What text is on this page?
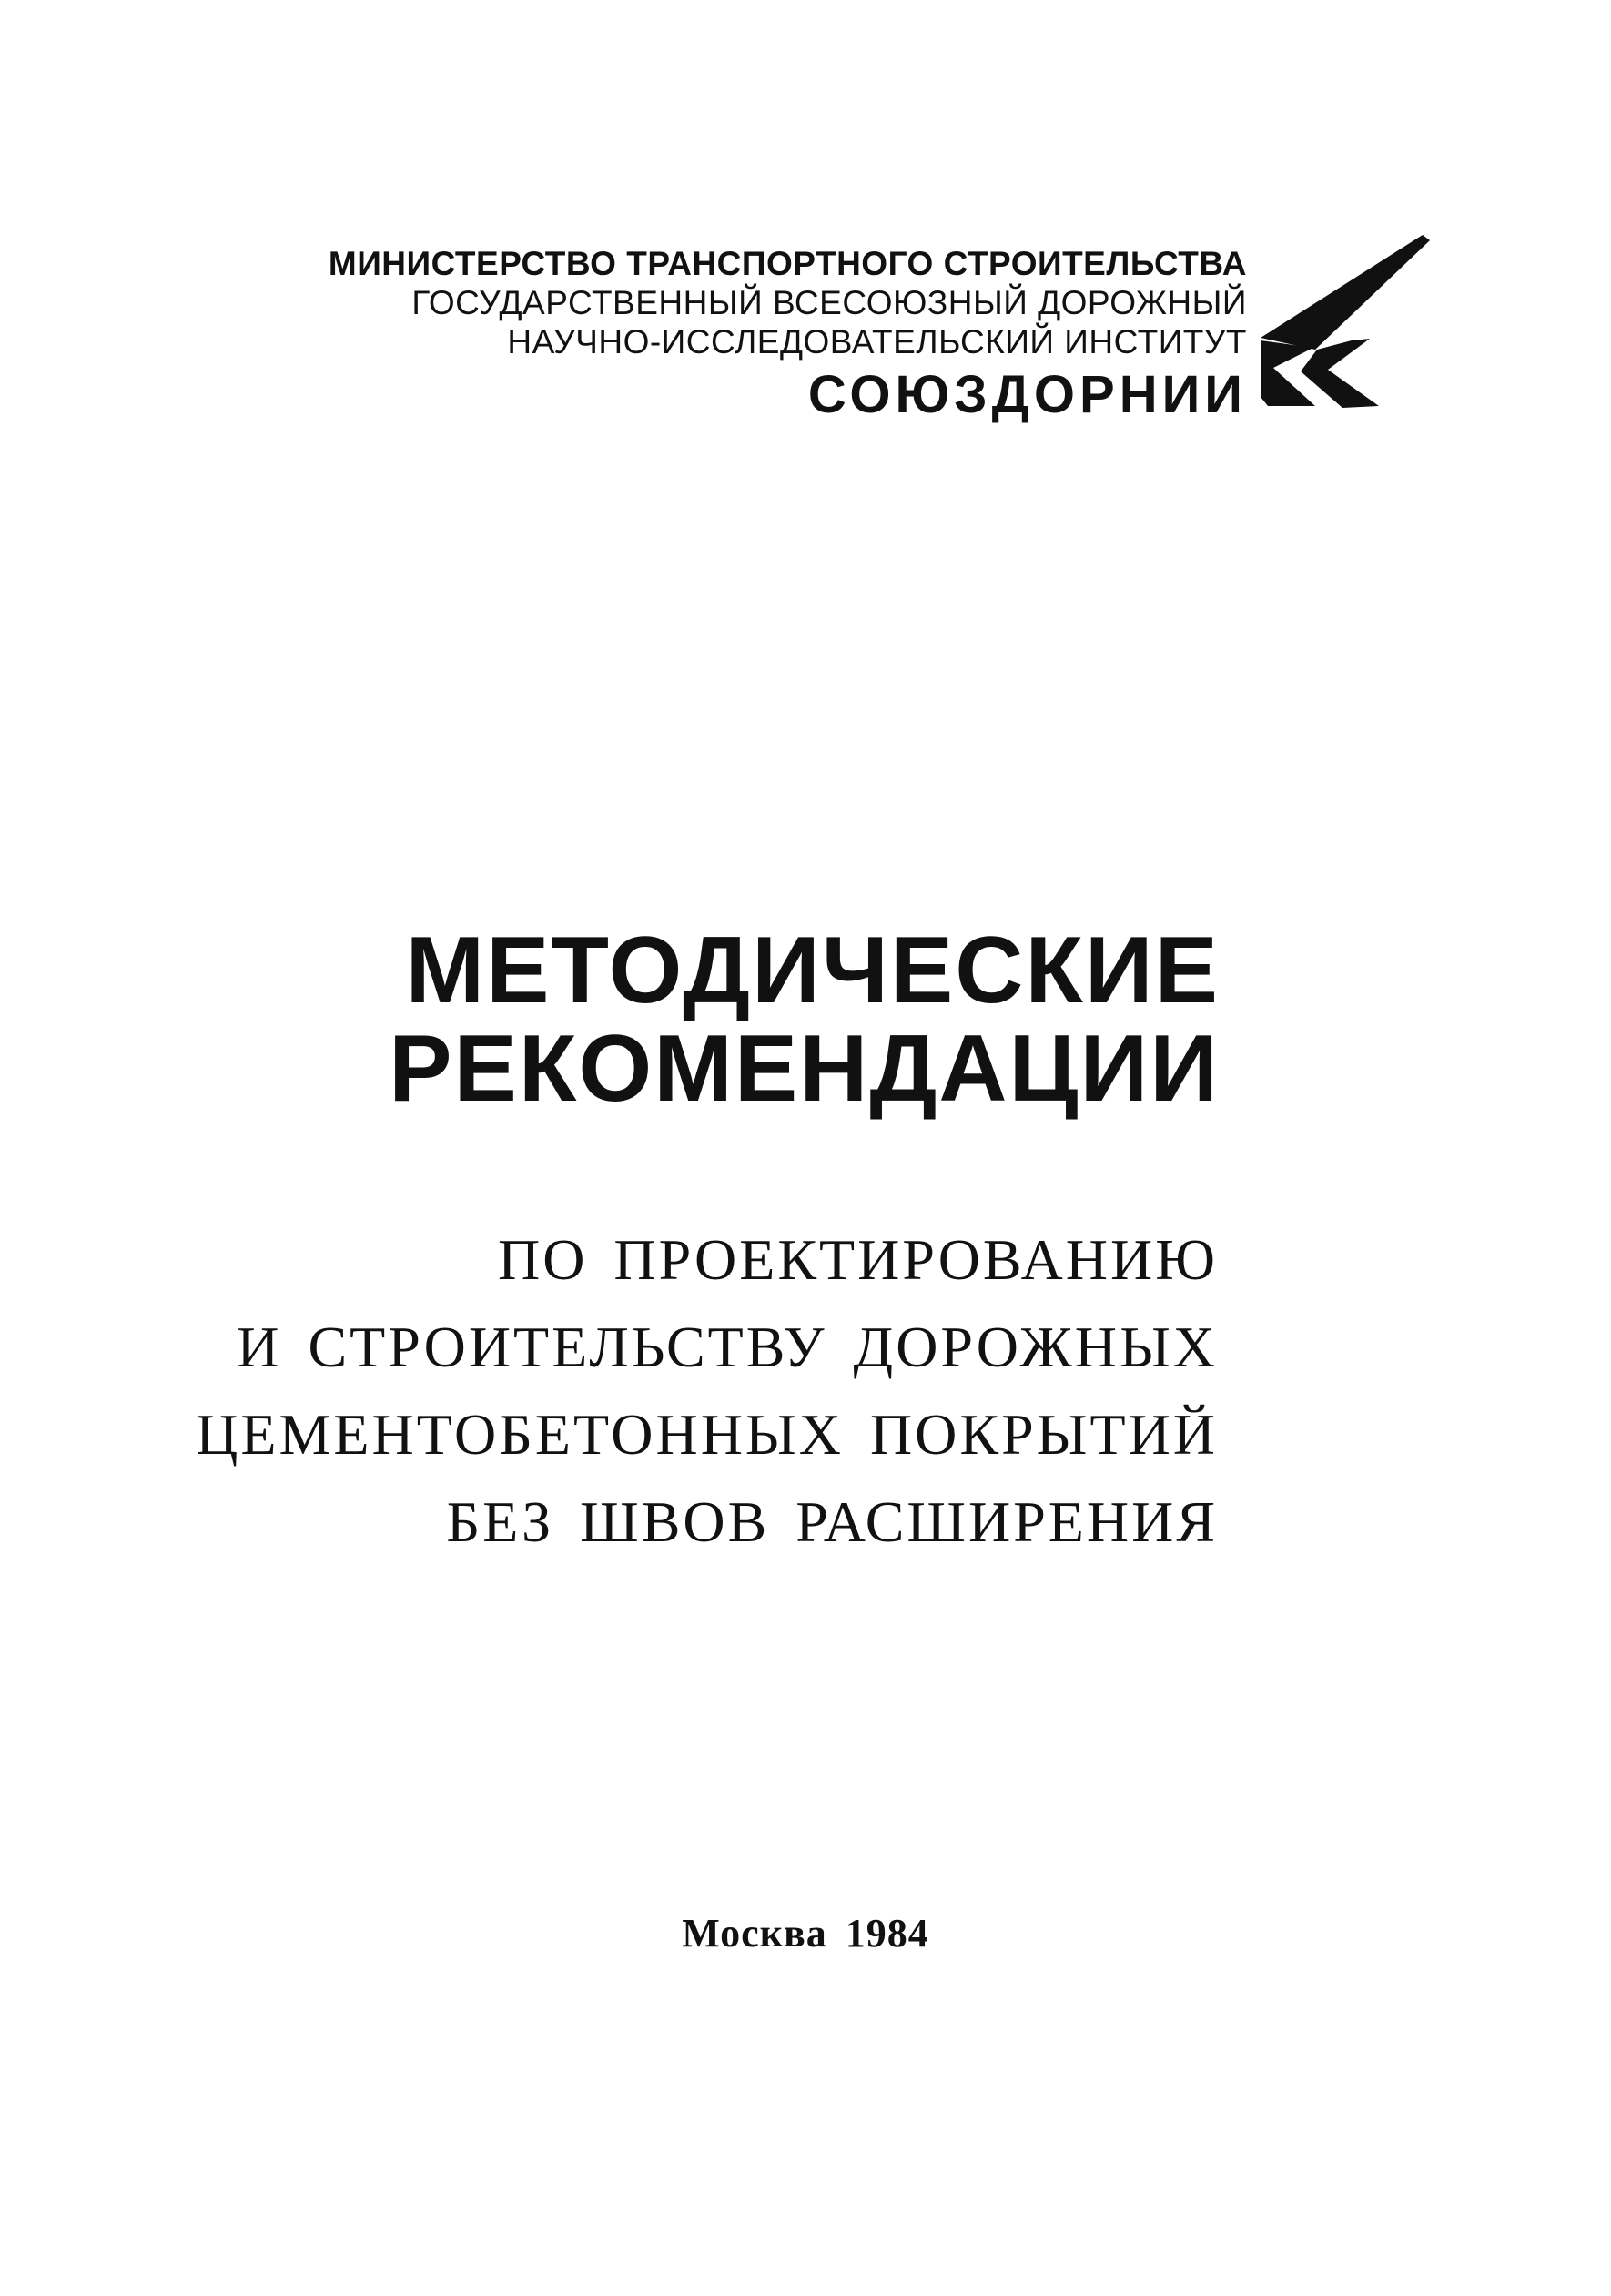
МИНИСТЕРСТВО ТРАНСПОРТНОГО СТРОИТЕЛЬСТВА
ГОСУДАРСТВЕННЫЙ ВСЕСОЮЗНЫЙ ДОРОЖНЫЙ
НАУЧНО-ИССЛЕДОВАТЕЛЬСКИЙ ИНСТИТУТ
СОЮЗДОРНИИ
МЕТОДИЧЕСКИЕ
РЕКОМЕНДАЦИИ
ПО ПРОЕКТИРОВАНИЮ
И СТРОИТЕЛЬСТВУ ДОРОЖНЫХ
ЦЕМЕНТОБЕТОННЫХ ПОКРЫТИЙ
БЕЗ ШВОВ РАСШИРЕНИЯ
Москва 1984
